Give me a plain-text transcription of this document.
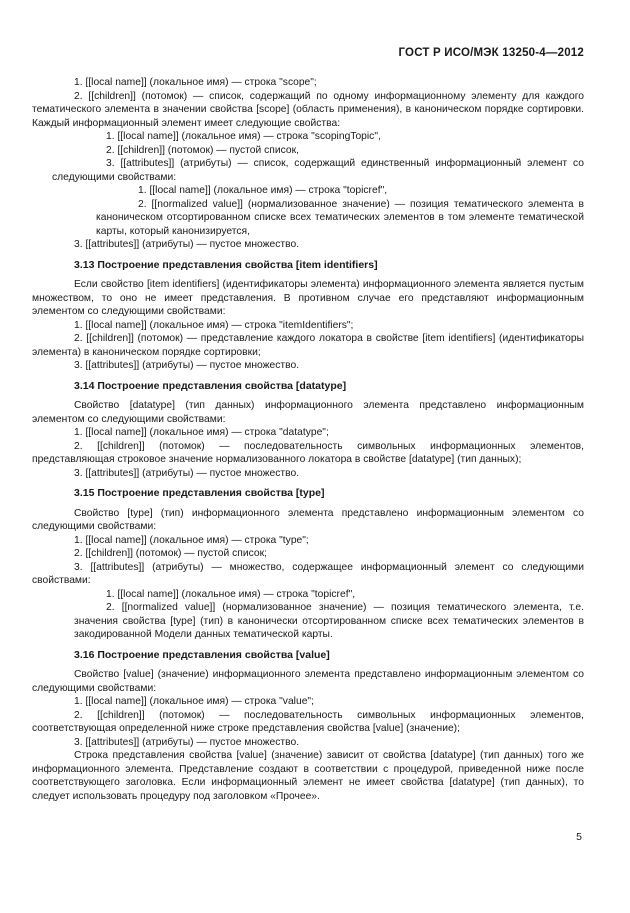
ГОСТ Р ИСО/МЭК 13250-4—2012

1. [[local name]] (локальное имя) — строка "scope";

2. [[children]] (потомок) — список, содержащий по одному информационному элементу для каждого тематического элемента в значении свойства [scope] (область применения), в каноническом порядке сортировки. Каждый информационный элемент имеет следующие свойства:

1. [[local name]] (локальное имя) — строка "scopingTopic",

2. [[children]] (потомок) — пустой список,

3. [[attributes]] (атрибуты) — список, содержащий единственный информационный элемент со следующими свойствами:

1. [[local name]] (локальное имя) — строка "topicref",

2. [[normalized value]] (нормализованное значение) — позиция тематического элемента в каноническом отсортированном списке всех тематических элементов в том элементе тематической карты, который канонизируется,

3. [[attributes]] (атрибуты) — пустое множество.

3.13 Построение представления свойства [item identifiers]

Если свойство [item identifiers] (идентификаторы элемента) информационного элемента является пустым множеством, то оно не имеет представления. В противном случае его представляют информационным элементом со следующими свойствами:

1. [[local name]] (локальное имя) — строка "itemIdentifiers";

2. [[children]] (потомок) — представление каждого локатора в свойстве [item identifiers] (идентификаторы элемента) в каноническом порядке сортировки;

3. [[attributes]] (атрибуты) — пустое множество.

3.14 Построение представления свойства [datatype]

Свойство [datatype] (тип данных) информационного элемента представлено информационным элементом со следующими свойствами:

1. [[local name]] (локальное имя) — строка "datatype";

2. [[children]] (потомок) — последовательность символьных информационных элементов, представляющая строковое значение нормализованного локатора в свойстве [datatype] (тип данных);

3. [[attributes]] (атрибуты) — пустое множество.

3.15 Построение представления свойства [type]

Свойство [type] (тип) информационного элемента представлено информационным элементом со следующими свойствами:

1. [[local name]] (локальное имя) — строка "type";

2. [[children]] (потомок) — пустой список;

3. [[attributes]] (атрибуты) — множество, содержащее информационный элемент со следующими свойствами:

1. [[local name]] (локальное имя) — строка "topicref",

2. [[normalized value]] (нормализованное значение) — позиция тематического элемента, т.е. значения свойства [type] (тип) в канонически отсортированном списке всех тематических элементов в закодированной Модели данных тематической карты.

3.16 Построение представления свойства [value]

Свойство [value] (значение) информационного элемента представлено информационным элементом со следующими свойствами:

1. [[local name]] (локальное имя) — строка "value";

2. [[children]] (потомок) — последовательность символьных информационных элементов, соответствующая определенной ниже строке представления свойства [value] (значение);

3. [[attributes]] (атрибуты) — пустое множество.

Строка представления свойства [value] (значение) зависит от свойства [datatype] (тип данных) того же информационного элемента. Представление создают в соответствии с процедурой, приведенной ниже после соответствующего заголовка. Если информационный элемент не имеет свойства [datatype] (тип данных), то следует использовать процедуру под заголовком «Прочее».

5
